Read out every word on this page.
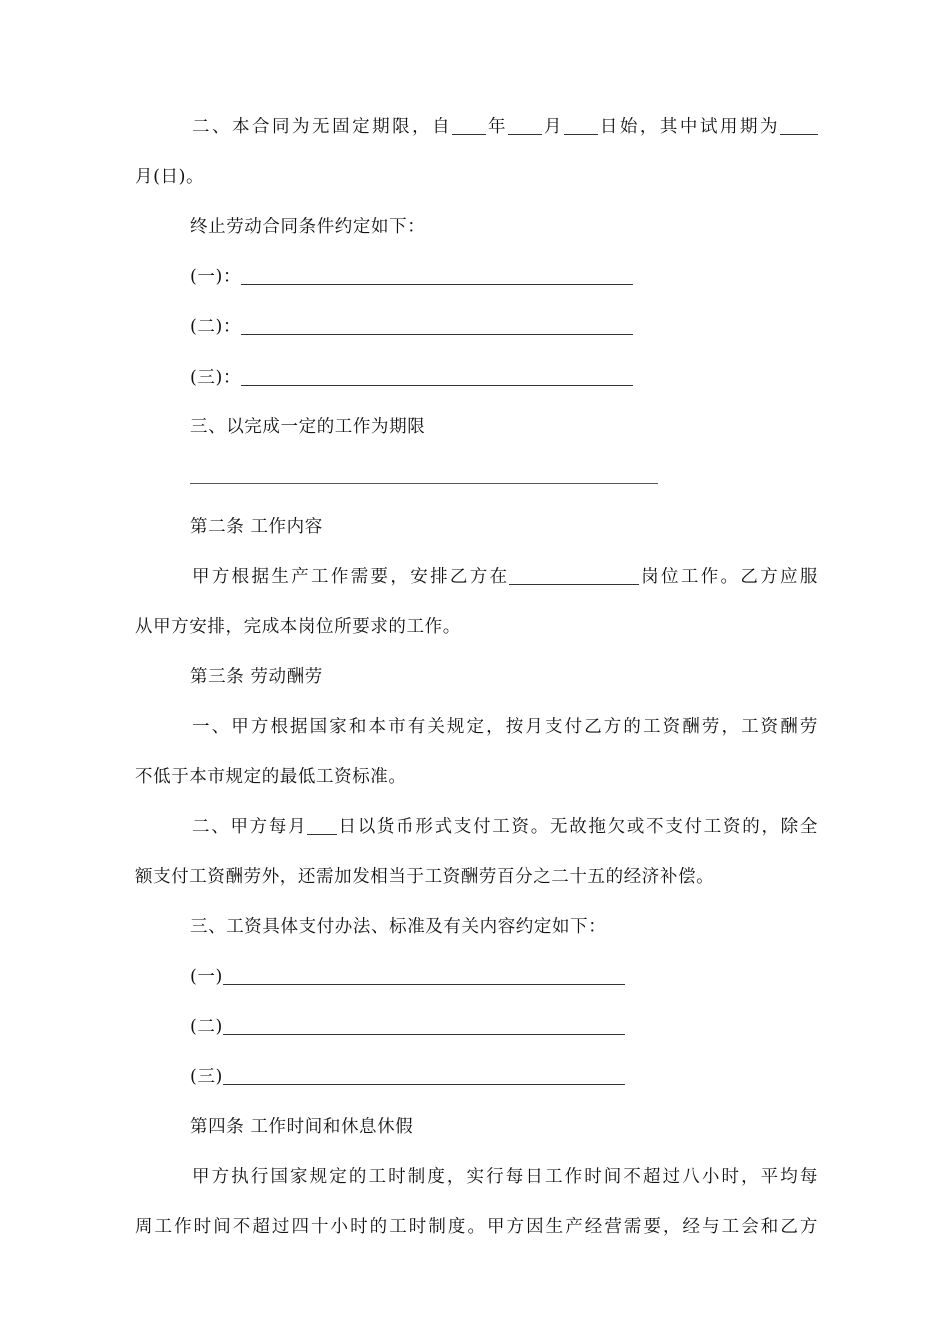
二、本合同为无固定期限，自 年 月 日始，其中试用期为
月(日)。
终止劳动合同条件约定如下：
(一)：
(二)：
(三)：
三、以完成一定的工作为期限
第二条 工作内容
甲方根据生产工作需要，安排乙方在	岗位工作。乙方应服
从甲方安排，完成本岗位所要求的工作。
第三条 劳动酬劳
一、甲方根据国家和本市有关规定，按月支付乙方的工资酬劳，工资酬劳
不低于本市规定的最低工资标准。
二、甲方每月 日以货币形式支付工资。无故拖欠或不支付工资的，除全
额支付工资酬劳外，还需加发相当于工资酬劳百分之二十五的经济补偿。
三、工资具体支付办法、标准及有关内容约定如下：
(一)
(二)
(三)
第四条 工作时间和休息休假
甲方执行国家规定的工时制度，实行每日工作时间不超过八小时，平均每
周工作时间不超过四十小时的工时制度。甲方因生产经营需要，经与工会和乙方
